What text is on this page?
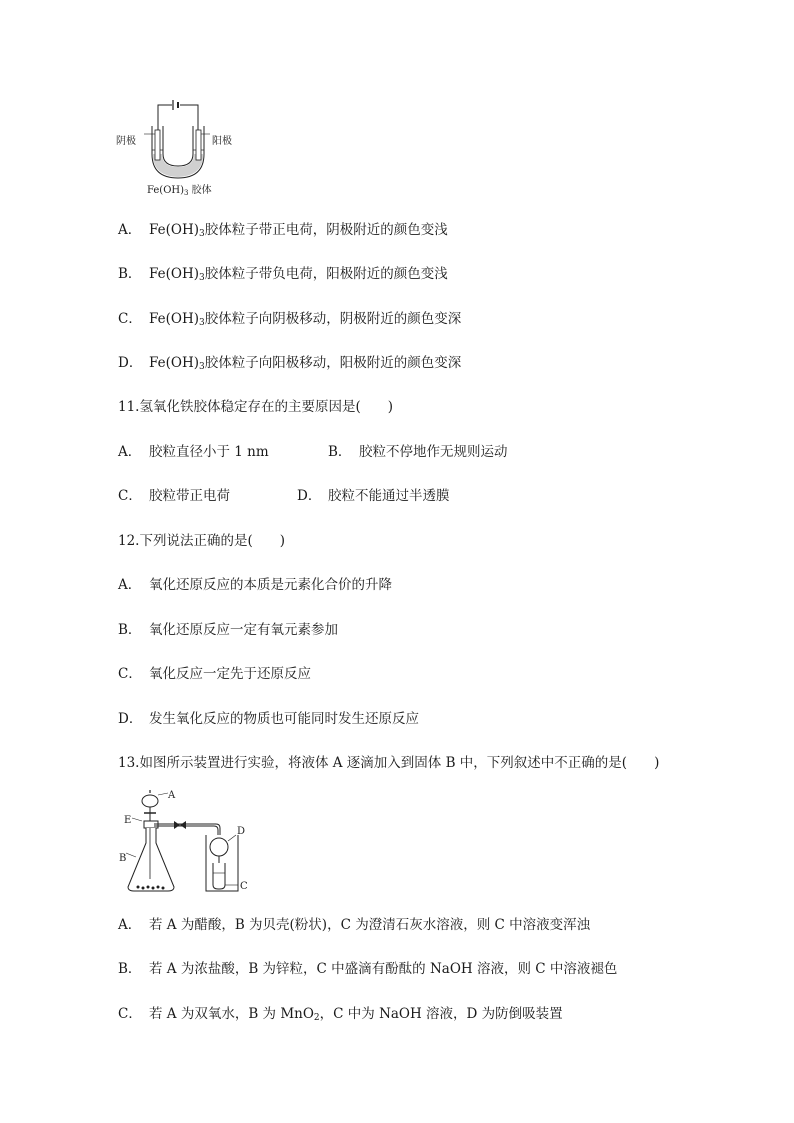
阴极	阳极
$Fe(OH)_3$ 胶体
A． $Fe(OH)_3$胶体粒子带正电荷，阴极附近的颜色变浅
B． $Fe(OH)_3$胶体粒子带负电荷，阳极附近的颜色变浅
C． $Fe(OH)_3$胶体粒子向阴极移动，阴极附近的颜色变深
D． $Fe(OH)_3$胶体粒子向阳极移动，阳极附近的颜色变深
11.氢氧化铁胶体稳定存在的主要原因是(　　)
A． 胶粒直径小于 1 nm	B． 胶粒不停地作无规则运动
C． 胶粒带正电荷	D． 胶粒不能通过半透膜
12.下列说法正确的是(　　)
A． 氧化还原反应的本质是元素化合价的升降
B． 氧化还原反应一定有氧元素参加
C． 氧化反应一定先于还原反应
D． 发生氧化反应的物质也可能同时发生还原反应
13.如图所示装置进行实验，将液体 A 逐滴加入到固体 B 中，下列叙述中不正确的是(　　)
A
E
B
D
C
A． 若 A 为醋酸，B 为贝壳(粉状)，C 为澄清石灰水溶液，则 C 中溶液变浑浊
B． 若 A 为浓盐酸，B 为锌粒，C 中盛滴有酚酞的 NaOH 溶液，则 C 中溶液褪色
C． 若 A 为双氧水，B 为 MnO$_2$，C 中为 NaOH 溶液，D 为防倒吸装置
